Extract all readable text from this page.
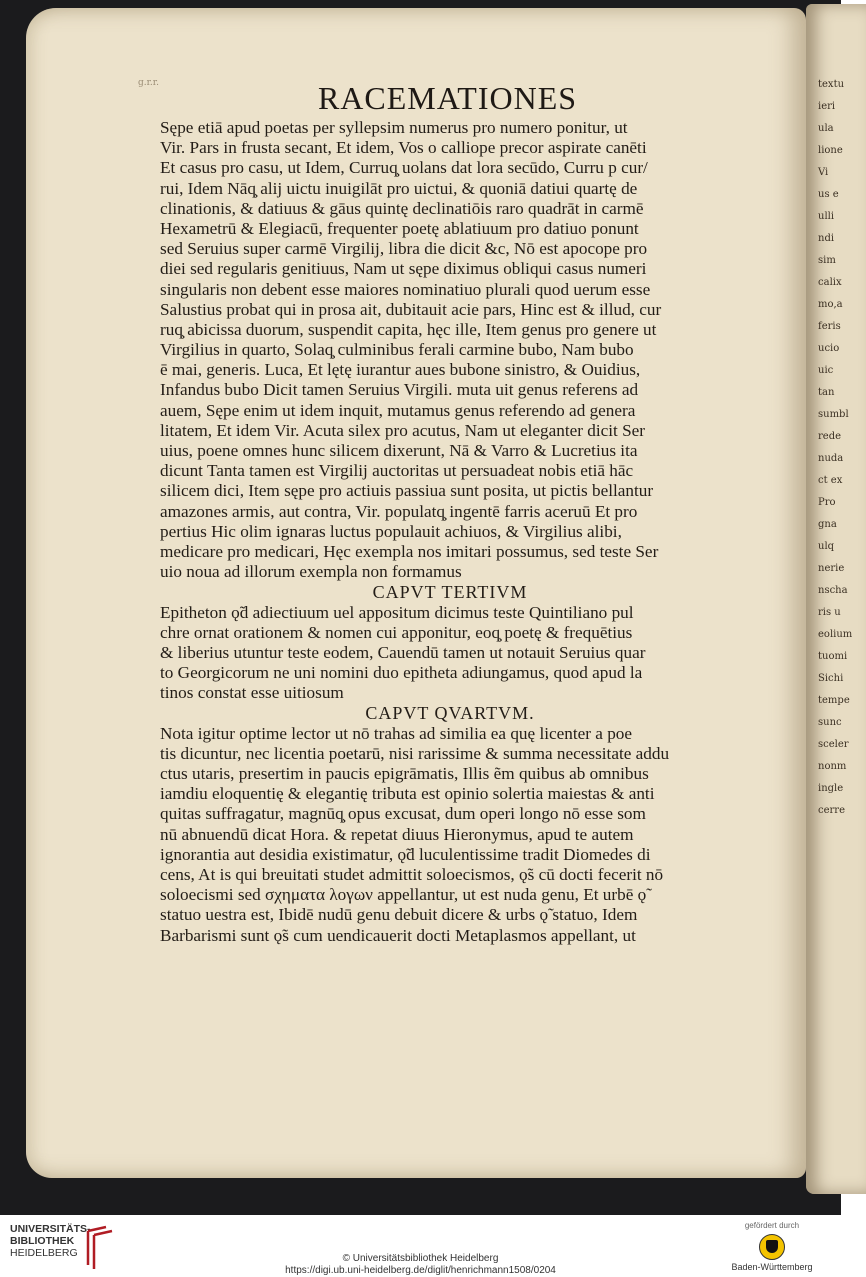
textu
ieri
ula
lione
Vi
us e
ulli
ndi
sim
calix
mo,a
feris
ucio
uic
tan
sumbl
rede
nuda
ct ex
Pro
gna
ulq
nerie
nscha
ris u
eolium
tuomi
Sichi
tempe
sunc
sceler
nonm
ingle
cerre
g.r.r.	RACEMATIONES
Sępe etiā apud poetas per syllepsim numerus pro numero ponitur, ut
Vir. Pars in frusta secant, Et idem, Vos o calliope precor aspirate canēti
Et casus pro casu, ut Idem, Curruq̧ uolans dat lora secūdo, Curru p cur/
rui, Idem Nāq̧ alij uictu inuigilāt pro uictui, & quoniā datiui quartę de
clinationis, & datiuus & gāus quintę declinatiōis raro quadrāt in carmē
Hexametrū & Elegiacū, frequenter poetę ablatiuum pro datiuo ponunt
sed Seruius super carmē Virgilij, libra die dicit &c, Nō est apocope pro
diei sed regularis genitiuus, Nam ut sępe diximus obliqui casus numeri
singularis non debent esse maiores nominatiuo plurali quod uerum esse
Salustius probat qui in prosa ait, dubitauit acie pars, Hinc est & illud, cur
ruq̧ abicissa duorum, suspendit capita, hęc ille, Item genus pro genere ut
Virgilius in quarto, Solaq̧ culminibus ferali carmine bubo, Nam bubo
ē mai, generis. Luca, Et lętę iurantur aues bubone sinistro, & Ouidius,
Infandus bubo Dicit tamen Seruius Virgili. muta uit genus referens ad
auem, Sępe enim ut idem inquit, mutamus genus referendo ad genera
litatem, Et idem Vir. Acuta silex pro acutus, Nam ut eleganter dicit Ser
uius, poene omnes hunc silicem dixerunt, Nā & Varro & Lucretius ita
dicunt Tanta tamen est Virgilij auctoritas ut persuadeat nobis etiā hāc
silicem dici, Item sępe pro actiuis passiua sunt posita, ut pictis bellantur
amazones armis, aut contra, Vir. populatq̧ ingentē farris aceruū Et pro
pertius Hic olim ignaras luctus populauit achiuos, & Virgilius alibi,
medicare pro medicari, Hęc exempla nos imitari possumus, sed teste Ser
uio noua ad illorum exempla non formamus
CAPVT TERTIVM
Epitheton ǫ̃d adiectiuum uel appositum dicimus teste Quintiliano pul
chre ornat orationem & nomen cui apponitur, eoq̧ poetę & frequētius
& liberius utuntur teste eodem, Cauendū tamen ut notauit Seruius quar
to Georgicorum ne uni nomini duo epitheta adiungamus, quod apud la
tinos constat esse uitiosum
CAPVT QVARTVM.
Nota igitur optime lector ut nō trahas ad similia ea quę licenter a poe
tis dicuntur, nec licentia poetarū, nisi rarissime & summa necessitate addu
ctus utaris, presertim in paucis epigrāmatis, Illis ẽm quibus ab omnibus
iamdiu eloquentię & elegantię tributa est opinio solertia maiestas & anti
quitas suffragatur, magnūq̧ opus excusat, dum operi longo nō esse som
nū abnuendū dicat Hora. & repetat diuus Hieronymus, apud te autem
ignorantia aut desidia existimatur, ǫ̃d luculentissime tradit Diomedes di
cens, At is qui breuitati studet admittit soloecismos, ǫ̃s cū docti fecerit nō
soloecismi sed σχηματα λογων appellantur, ut est nuda genu, Et urbē ǫ̃
statuo uestra est, Ibidē nudū genu debuit dicere & urbs ǫ̃ statuo, Idem
Barbarismi sunt ǫ̃s cum uendicauerit docti Metaplasmos appellant, ut
UNIVERSITÄTS-
BIBLIOTHEK
HEIDELBERG	© Universitätsbibliothek Heidelberg
https://digi.ub.uni-heidelberg.de/diglit/henrichmann1508/0204
gefördert durch
Baden-Württemberg
